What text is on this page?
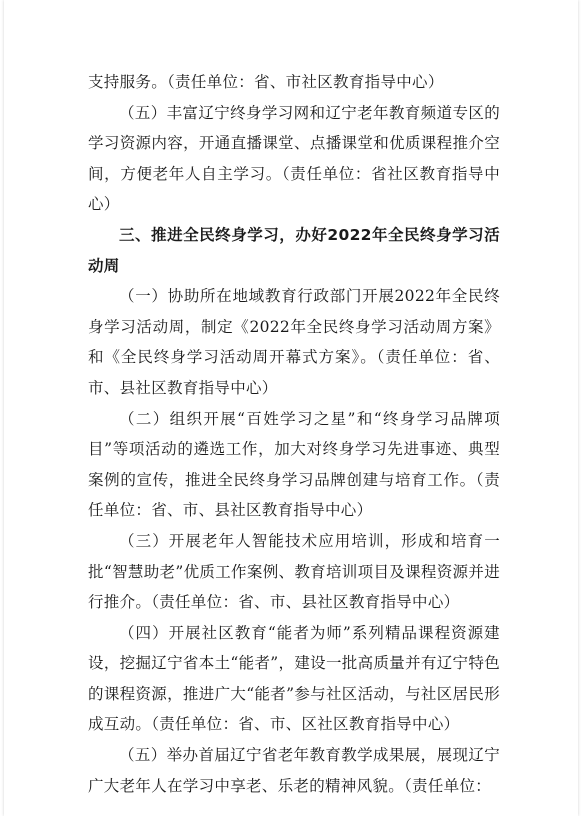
支持服务。（责任单位：省、市社区教育指导中心）

（五）丰富辽宁终身学习网和辽宁老年教育频道专区的学习资源内容，开通直播课堂、点播课堂和优质课程推介空间，方便老年人自主学习。（责任单位：省社区教育指导中心）

三、推进全民终身学习，办好2022年全民终身学习活动周

（一）协助所在地域教育行政部门开展2022年全民终身学习活动周，制定《2022年全民终身学习活动周方案》和《全民终身学习活动周开幕式方案》。（责任单位：省、市、县社区教育指导中心）

（二）组织开展“百姓学习之星”和“终身学习品牌项目”等项活动的遴选工作，加大对终身学习先进事迹、典型案例的宣传，推进全民终身学习品牌创建与培育工作。（责任单位：省、市、县社区教育指导中心）

（三）开展老年人智能技术应用培训，形成和培育一批“智慧助老”优质工作案例、教育培训项目及课程资源并进行推介。（责任单位：省、市、县社区教育指导中心）

（四）开展社区教育“能者为师”系列精品课程资源建设，挖掘辽宁省本土“能者”，建设一批高质量并有辽宁特色的课程资源，推进广大“能者”参与社区活动，与社区居民形成互动。（责任单位：省、市、区社区教育指导中心）

（五）举办首届辽宁省老年教育教学成果展，展现辽宁广大老年人在学习中享老、乐老的精神风貌。（责任单位：
